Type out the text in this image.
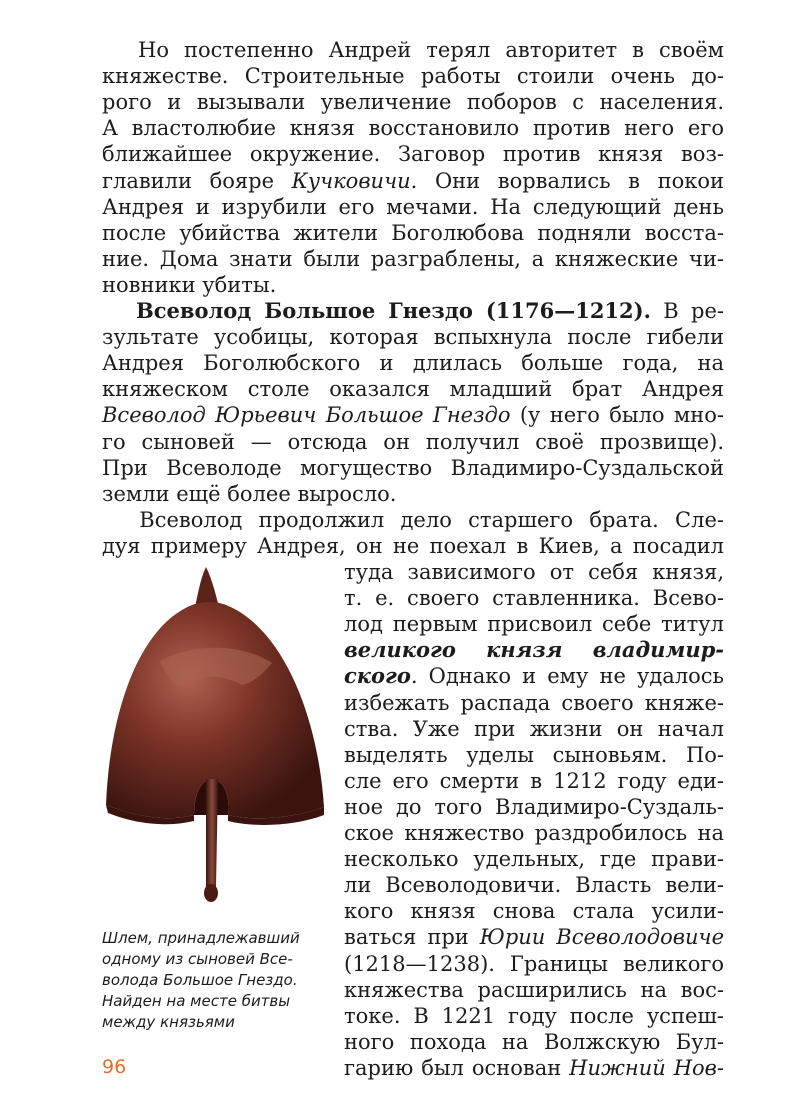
  Но постепенно Андрей терял авторитет в своём
княжестве. Строительные работы стоили очень до-
рого и вызывали увеличение поборов с населения.
А властолюбие князя восстановило против него его
ближайшее окружение. Заговор против князя воз-
главили бояре Кучковичи. Они ворвались в покои
Андрея и изрубили его мечами. На следующий день
после убийства жители Боголюбова подняли восста-
ние. Дома знати были разграблены, а княжеские чи-
новники убиты.
  Всеволод Большое Гнездо (1176—1212). В ре-
зультате усобицы, которая вспыхнула после гибели
Андрея Боголюбского и длилась больше года, на
княжеском столе оказался младший брат Андрея
Всеволод Юрьевич Большое Гнездо (у него было мно-
го сыновей — отсюда он получил своё прозвище).
При Всеволоде могущество Владимиро-Суздальской
земли ещё более выросло.
  Всеволод продолжил дело старшего брата. Сле-
дуя примеру Андрея, он не поехал в Киев, а посадил
туда зависимого от себя князя,
т. е. своего ставленника. Всево-
лод первым присвоил себе титул
великого князя владимир-
ского. Однако и ему не удалось
избежать распада своего княже-
ства. Уже при жизни он начал
выделять уделы сыновьям. По-
сле его смерти в 1212 году еди-
ное до того Владимиро-Суздаль-
ское княжество раздробилось на
несколько удельных, где прави-
ли Всеволодовичи. Власть вели-
кого князя снова стала усили-
ваться при Юрии Всеволодовиче
(1218—1238). Границы великого
княжества расширились на вос-
токе. В 1221 году после успеш-
ного похода на Волжскую Бул-
гарию был основан Нижний Нов-
Шлем, принадлежавший
одному из сыновей Все-
волода Большое Гнездо.
Найден на месте битвы
между князьями
96
